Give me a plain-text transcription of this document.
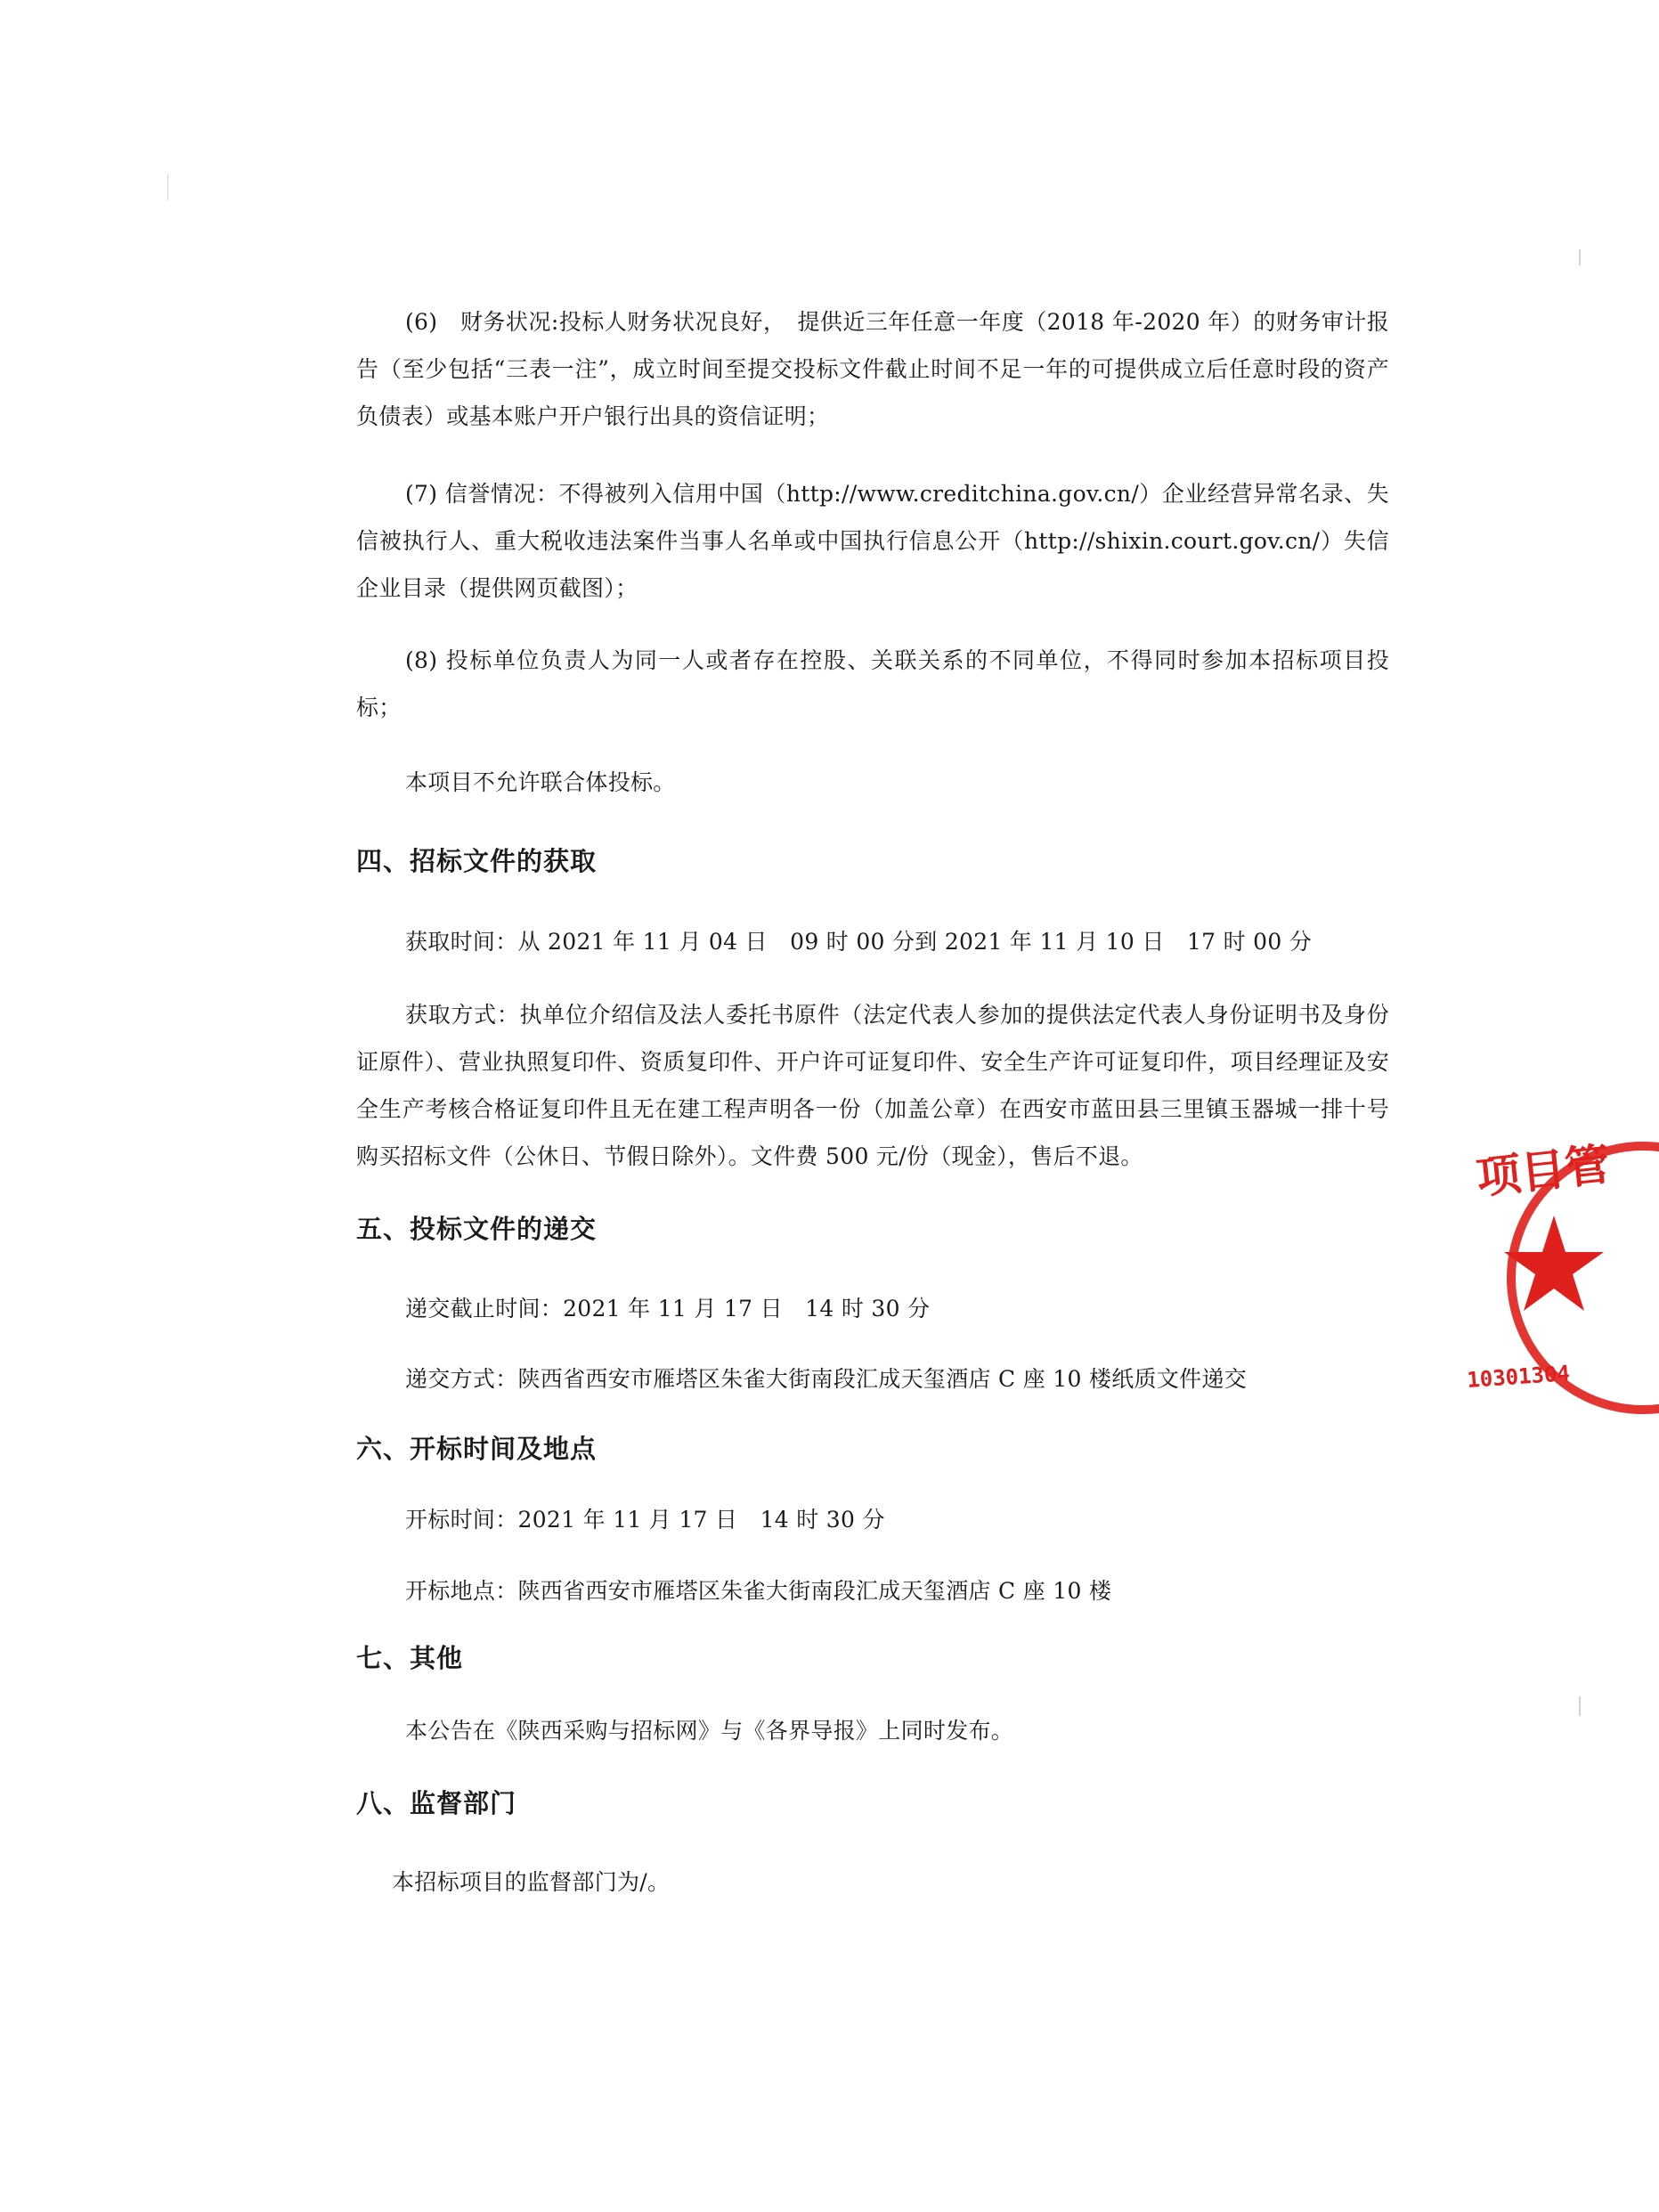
(6)　财务状况:投标人财务状况良好，　提供近三年任意一年度（2018 年-2020 年）的财务审计报告（至少包括“三表一注”，成立时间至提交投标文件截止时间不足一年的可提供成立后任意时段的资产负债表）或基本账户开户银行出具的资信证明；

(7) 信誉情况：不得被列入信用中国（http://www.creditchina.gov.cn/）企业经营异常名录、失信被执行人、重大税收违法案件当事人名单或中国执行信息公开（http://shixin.court.gov.cn/）失信企业目录（提供网页截图）；

(8) 投标单位负责人为同一人或者存在控股、关联关系的不同单位，不得同时参加本招标项目投标；

本项目不允许联合体投标。

四、招标文件的获取

获取时间：从 2021 年 11 月 04 日　09 时 00 分到 2021 年 11 月 10 日　17 时 00 分

获取方式：执单位介绍信及法人委托书原件（法定代表人参加的提供法定代表人身份证明书及身份证原件）、营业执照复印件、资质复印件、开户许可证复印件、安全生产许可证复印件，项目经理证及安全生产考核合格证复印件且无在建工程声明各一份（加盖公章）在西安市蓝田县三里镇玉器城一排十号购买招标文件（公休日、节假日除外）。文件费 500 元/份（现金），售后不退。

五、投标文件的递交

递交截止时间：2021 年 11 月 17 日　14 时 30 分

递交方式：陕西省西安市雁塔区朱雀大街南段汇成天玺酒店 C 座 10 楼纸质文件递交

六、开标时间及地点

开标时间：2021 年 11 月 17 日　14 时 30 分

开标地点：陕西省西安市雁塔区朱雀大街南段汇成天玺酒店 C 座 10 楼

七、其他

本公告在《陕西采购与招标网》与《各界导报》上同时发布。

八、监督部门

本招标项目的监督部门为/。

项目管
10301304
